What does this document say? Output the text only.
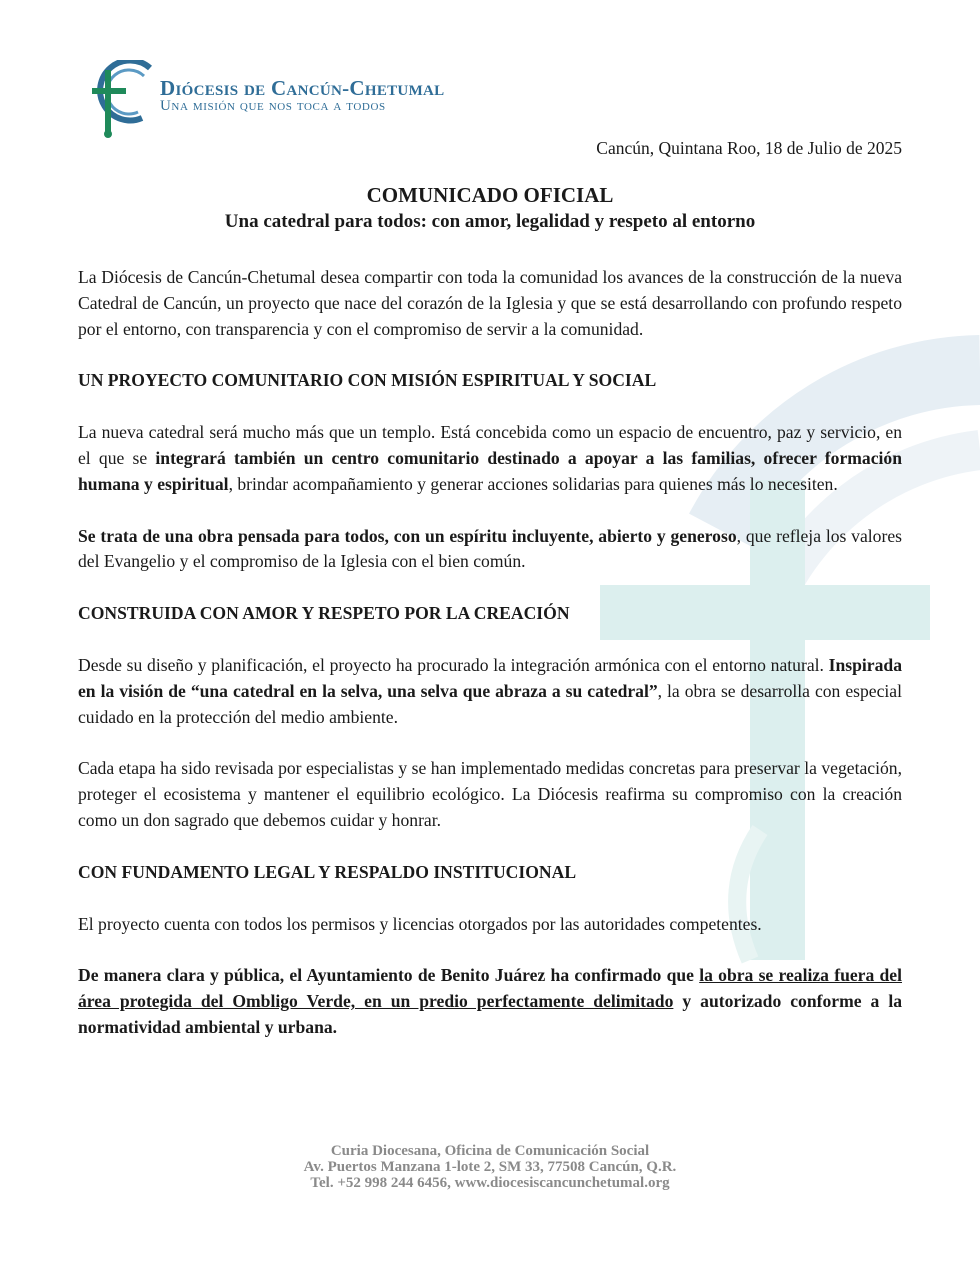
Diócesis de Cancún-Chetumal

Una misión que nos toca a todos

Cancún, Quintana Roo, 18 de Julio de 2025

COMUNICADO OFICIAL

Una catedral para todos: con amor, legalidad y respeto al entorno

La Diócesis de Cancún-Chetumal desea compartir con toda la comunidad los avances de la construcción de la nueva Catedral de Cancún, un proyecto que nace del corazón de la Iglesia y que se está desarrollando con profundo respeto por el entorno, con transparencia y con el compromiso de servir a la comunidad.

UN PROYECTO COMUNITARIO CON MISIÓN ESPIRITUAL Y SOCIAL

La nueva catedral será mucho más que un templo. Está concebida como un espacio de encuentro, paz y servicio, en el que se integrará también un centro comunitario destinado a apoyar a las familias, ofrecer formación humana y espiritual, brindar acompañamiento y generar acciones solidarias para quienes más lo necesiten.

Se trata de una obra pensada para todos, con un espíritu incluyente, abierto y generoso, que refleja los valores del Evangelio y el compromiso de la Iglesia con el bien común.

CONSTRUIDA CON AMOR Y RESPETO POR LA CREACIÓN

Desde su diseño y planificación, el proyecto ha procurado la integración armónica con el entorno natural. Inspirada en la visión de “una catedral en la selva, una selva que abraza a su catedral”, la obra se desarrolla con especial cuidado en la protección del medio ambiente.

Cada etapa ha sido revisada por especialistas y se han implementado medidas concretas para preservar la vegetación, proteger el ecosistema y mantener el equilibrio ecológico. La Diócesis reafirma su compromiso con la creación como un don sagrado que debemos cuidar y honrar.

CON FUNDAMENTO LEGAL Y RESPALDO INSTITUCIONAL

El proyecto cuenta con todos los permisos y licencias otorgados por las autoridades competentes.

De manera clara y pública, el Ayuntamiento de Benito Juárez ha confirmado que la obra se realiza fuera del área protegida del Ombligo Verde, en un predio perfectamente delimitado y autorizado conforme a la normatividad ambiental y urbana.

Curia Diocesana, Oficina de Comunicación Social
Av. Puertos Manzana 1-lote 2, SM 33, 77508 Cancún, Q.R.
Tel. +52 998 244 6456, www.diocesiscancunchetumal.org
